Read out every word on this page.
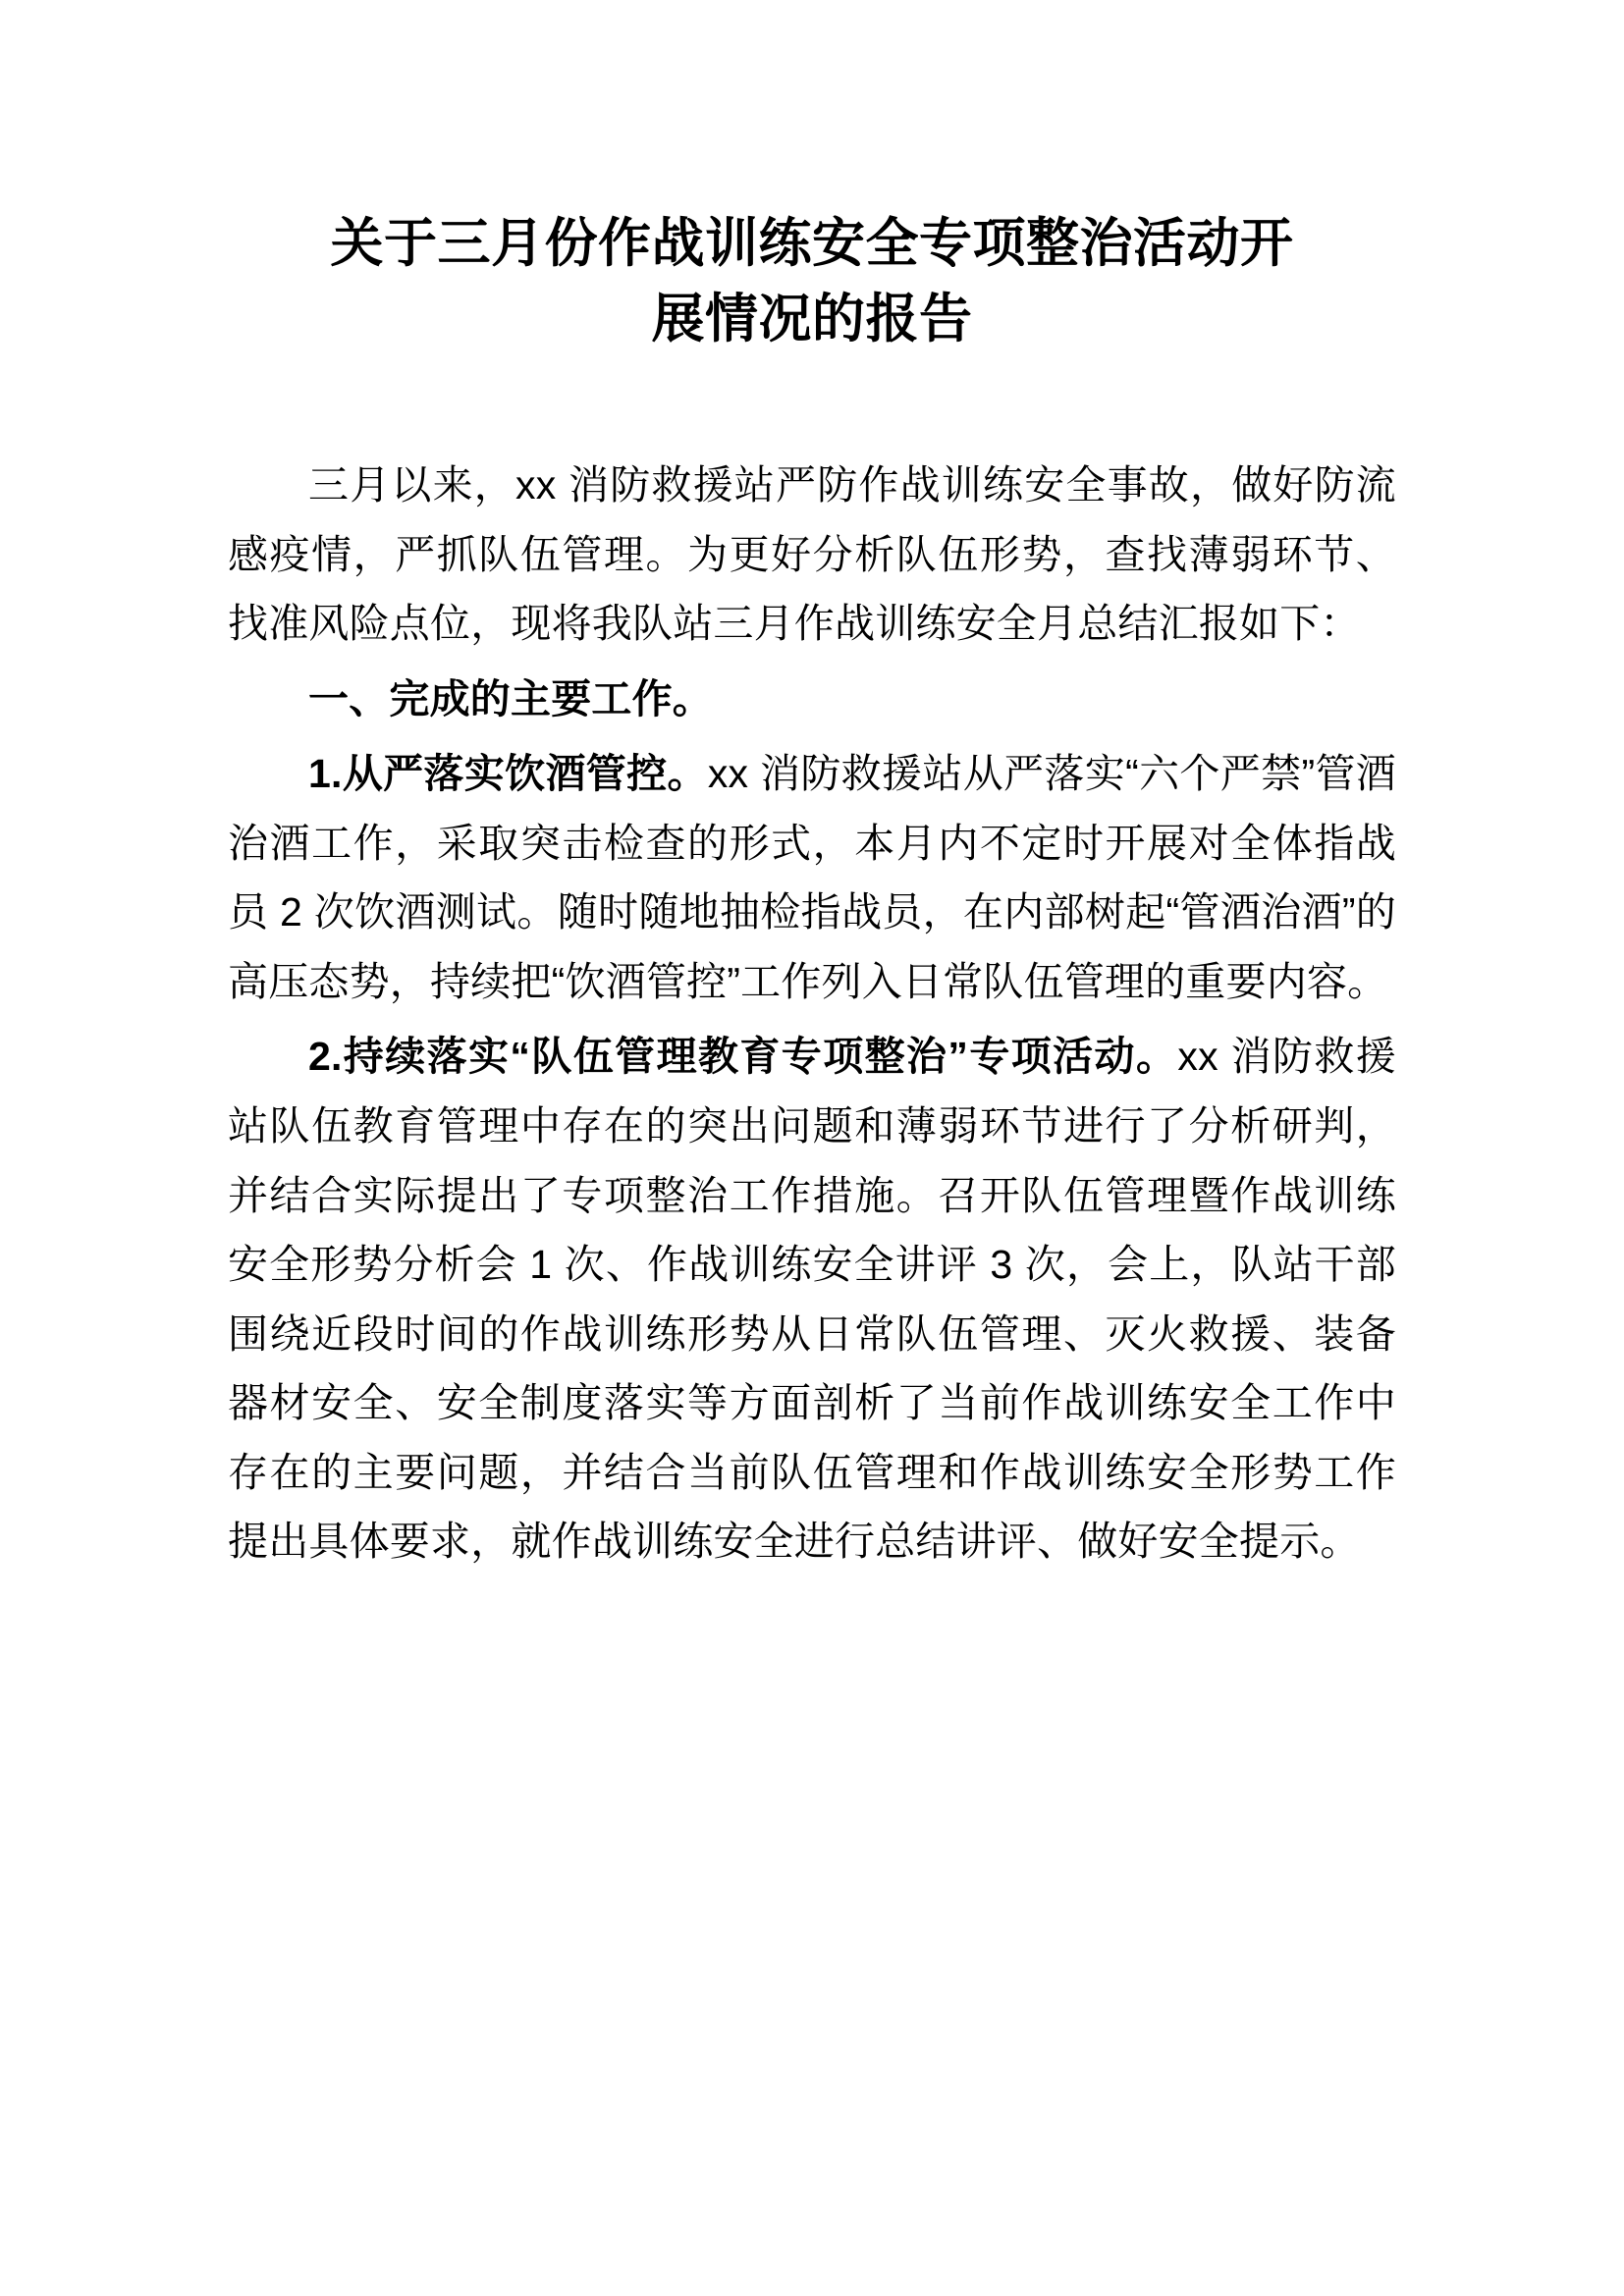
关于三月份作战训练安全专项整治活动开
展情况的报告

三月以来，xx 消防救援站严防作战训练安全事故，做好防流感疫情，严抓队伍管理。为更好分析队伍形势，查找薄弱环节、找准风险点位，现将我队站三月作战训练安全月总结汇报如下：

一、完成的主要工作。

1.从严落实饮酒管控。xx 消防救援站从严落实“六个严禁”管酒治酒工作，采取突击检查的形式，本月内不定时开展对全体指战员 2 次饮酒测试。随时随地抽检指战员，在内部树起“管酒治酒”的高压态势，持续把“饮酒管控”工作列入日常队伍管理的重要内容。

2.持续落实“队伍管理教育专项整治”专项活动。xx 消防救援站队伍教育管理中存在的突出问题和薄弱环节进行了分析研判，并结合实际提出了专项整治工作措施。召开队伍管理暨作战训练安全形势分析会 1 次、作战训练安全讲评 3 次，会上，队站干部围绕近段时间的作战训练形势从日常队伍管理、灭火救援、装备器材安全、安全制度落实等方面剖析了当前作战训练安全工作中存在的主要问题，并结合当前队伍管理和作战训练安全形势工作提出具体要求，就作战训练安全进行总结讲评、做好安全提示。
